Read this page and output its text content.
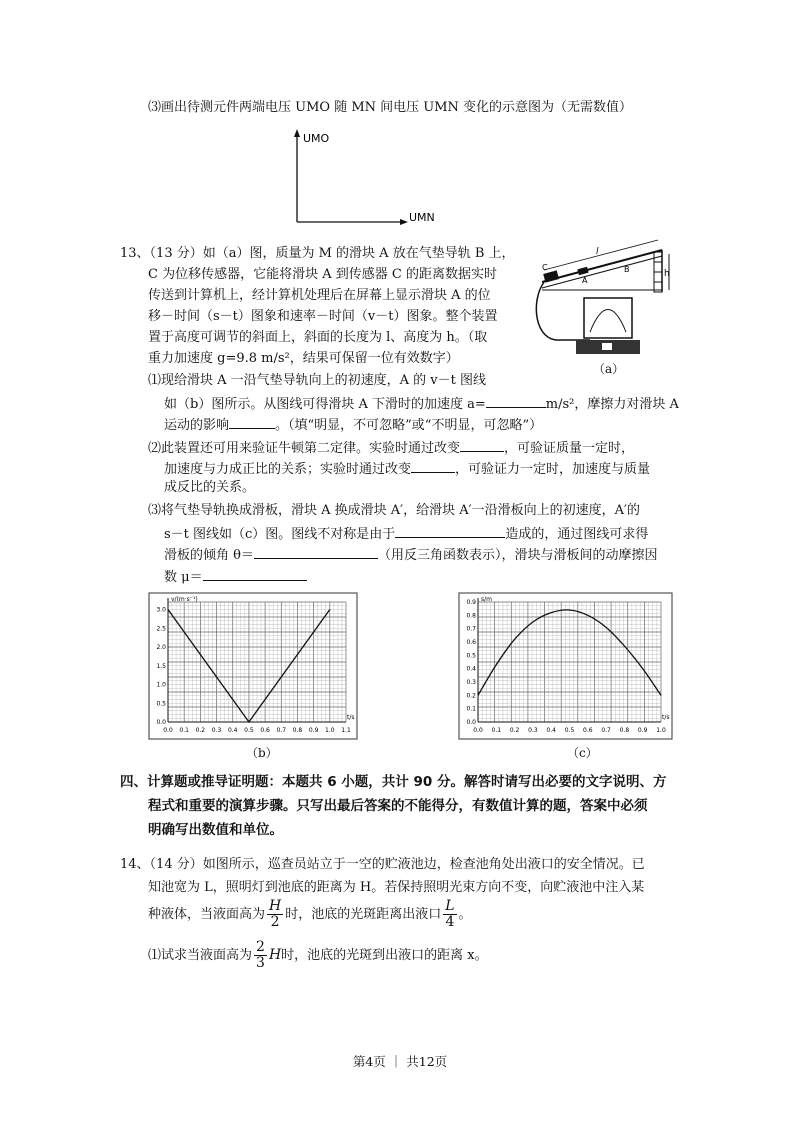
⑶画出待测元件两端电压 UMO 随 MN 间电压 UMN 变化的示意图为（无需数值）
UMO
UMN
13、（13 分）如（a）图，质量为 M 的滑块 A 放在气垫导轨 B 上，
C 为位移传感器，它能将滑块 A 到传感器 C 的距离数据实时
传送到计算机上，经计算机处理后在屏幕上显示滑块 A 的位
移－时间（s－t）图象和速率－时间（v－t）图象。整个装置
置于高度可调节的斜面上，斜面的长度为 l、高度为 h。（取
重力加速度 g=9.8 m/s²，结果可保留一位有效数字）
h
l
C
A
B
（a）
⑴现给滑块 A 一沿气垫导轨向上的初速度，A 的 v－t 图线
如（b）图所示。从图线可得滑块 A 下滑时的加速度 a=	m/s²，摩擦力对滑块 A
运动的影响	。（填“明显，不可忽略”或“不明显，可忽略”）
⑵此装置还可用来验证牛顿第二定律。实验时通过改变	，可验证质量一定时，
加速度与力成正比的关系；实验时通过改变	，可验证力一定时，加速度与质量
成反比的关系。
⑶将气垫导轨换成滑板，滑块 A 换成滑块 A′，给滑块 A′一沿滑板向上的初速度，A′的
s－t 图线如（c）图。图线不对称是由于	造成的，通过图线可求得
滑板的倾角 θ＝	（用反三角函数表示），滑块与滑板间的动摩擦因
数 μ＝
0.0 0.1 0.2 0.3 0.4 0.5 0.6 0.7 0.8 0.9 1.0 1.1
0.0
0.5
1.0
1.5
2.0
2.5
3.0
v/(m·s⁻¹)
t/s
（b）
0.0 0.1 0.2 0.3 0.4 0.5 0.6 0.7 0.8 0.9 1.0
0.0
0.1
0.2
0.3
0.4
0.5
0.6
0.7
0.8
0.9 s/m
t/s
（c）
四、计算题或推导证明题：本题共 6 小题，共计 90 分。解答时请写出必要的文字说明、方
程式和重要的演算步骤。只写出最后答案的不能得分，有数值计算的题，答案中必须
明确写出数值和单位。
14、（14 分）如图所示，巡查员站立于一空的贮液池边，检查池角处出液口的安全情况。已
知池宽为 L，照明灯到池底的距离为 H。若保持照明光束方向不变，向贮液池中注入某
种液体，当液面高为 $\frac{H}{2}$ 时，池底的光斑距离出液口 $\frac{L}{4}$ 。
⑴试求当液面高为 $\frac{2}{3}$ H时，池底的光斑到出液口的距离 x。
第4页 ｜ 共12页
